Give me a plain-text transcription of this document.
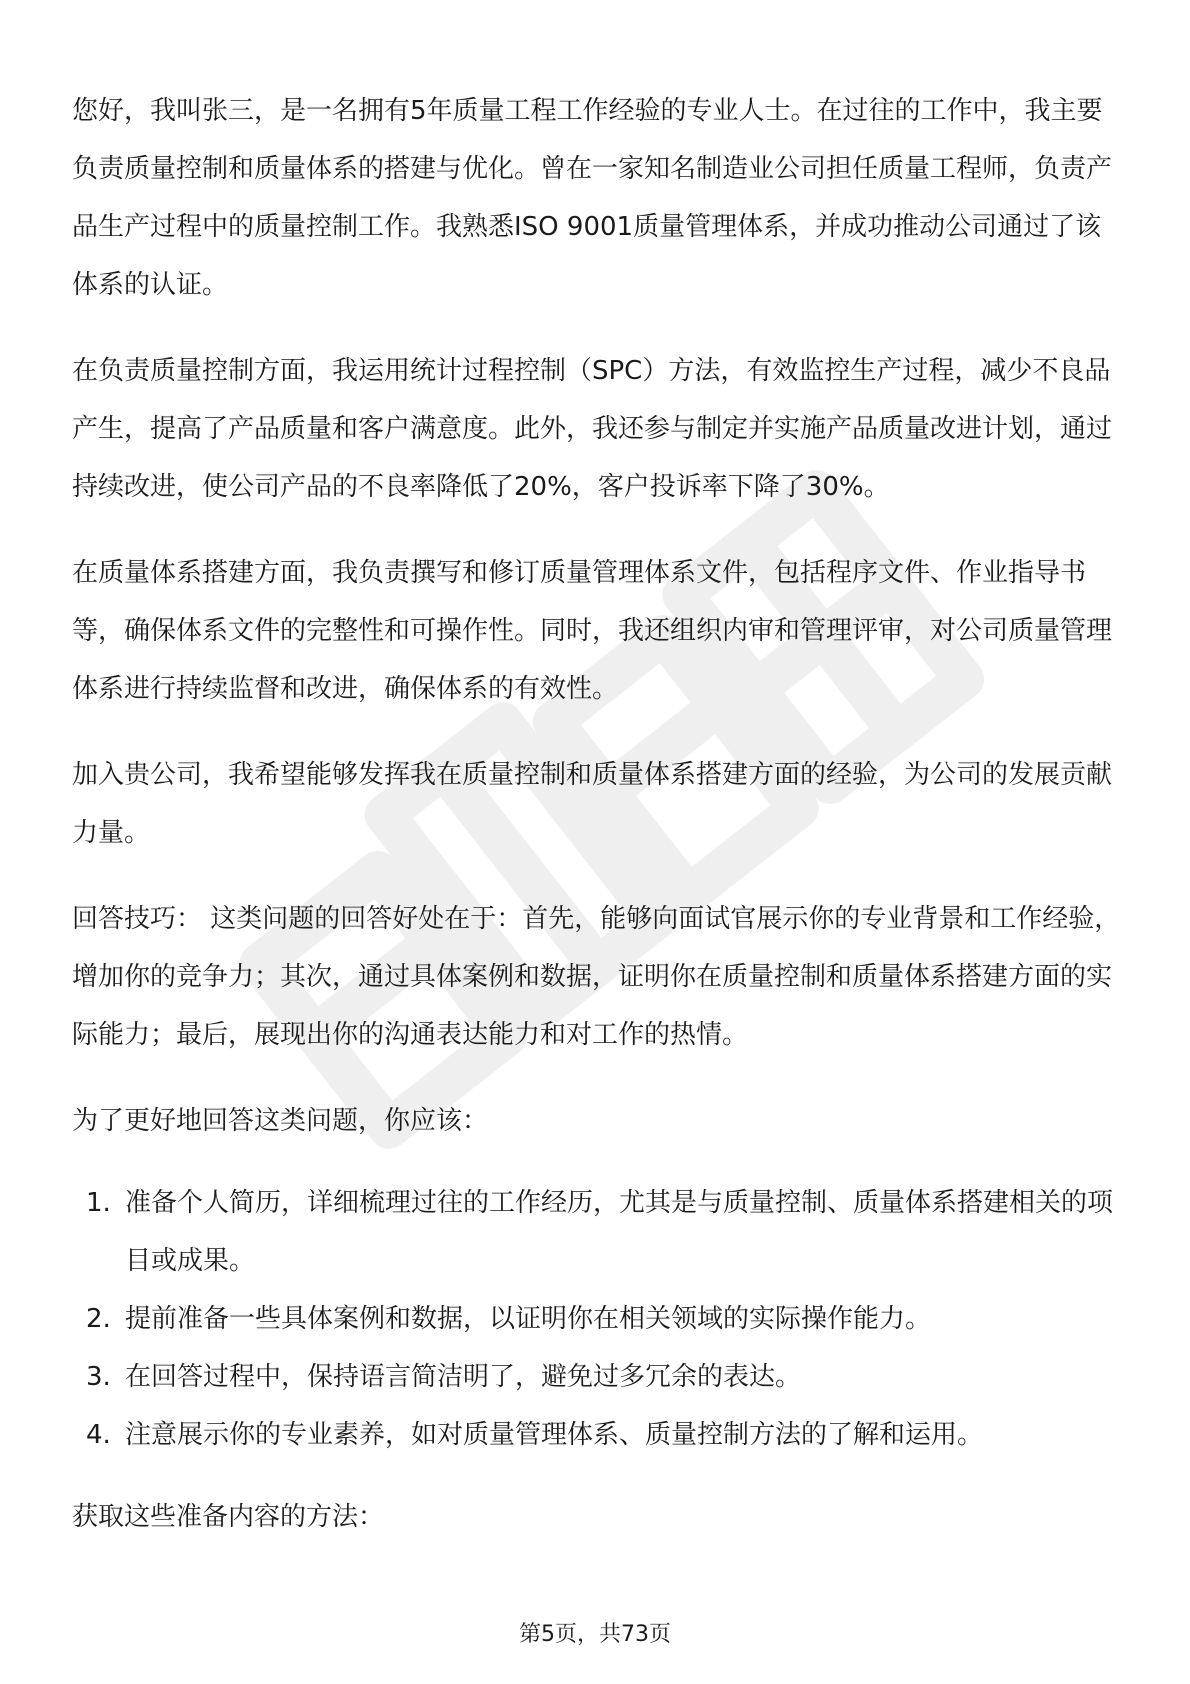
您好，我叫张三，是一名拥有5年质量工程工作经验的专业人士。在过往的工作中，我主要负责质量控制和质量体系的搭建与优化。曾在一家知名制造业公司担任质量工程师，负责产品生产过程中的质量控制工作。我熟悉ISO 9001质量管理体系，并成功推动公司通过了该体系的认证。

在负责质量控制方面，我运用统计过程控制（SPC）方法，有效监控生产过程，减少不良品产生，提高了产品质量和客户满意度。此外，我还参与制定并实施产品质量改进计划，通过持续改进，使公司产品的不良率降低了20%，客户投诉率下降了30%。

在质量体系搭建方面，我负责撰写和修订质量管理体系文件，包括程序文件、作业指导书等，确保体系文件的完整性和可操作性。同时，我还组织内审和管理评审，对公司质量管理体系进行持续监督和改进，确保体系的有效性。

加入贵公司，我希望能够发挥我在质量控制和质量体系搭建方面的经验，为公司的发展贡献力量。

回答技巧： 这类问题的回答好处在于：首先，能够向面试官展示你的专业背景和工作经验，增加你的竞争力；其次，通过具体案例和数据，证明你在质量控制和质量体系搭建方面的实际能力；最后，展现出你的沟通表达能力和对工作的热情。

为了更好地回答这类问题，你应该：

1. 准备个人简历，详细梳理过往的工作经历，尤其是与质量控制、质量体系搭建相关的项目或成果。
2. 提前准备一些具体案例和数据，以证明你在相关领域的实际操作能力。
3. 在回答过程中，保持语言简洁明了，避免过多冗余的表达。
4. 注意展示你的专业素养，如对质量管理体系、质量控制方法的了解和运用。

获取这些准备内容的方法：

第5页，共73页
